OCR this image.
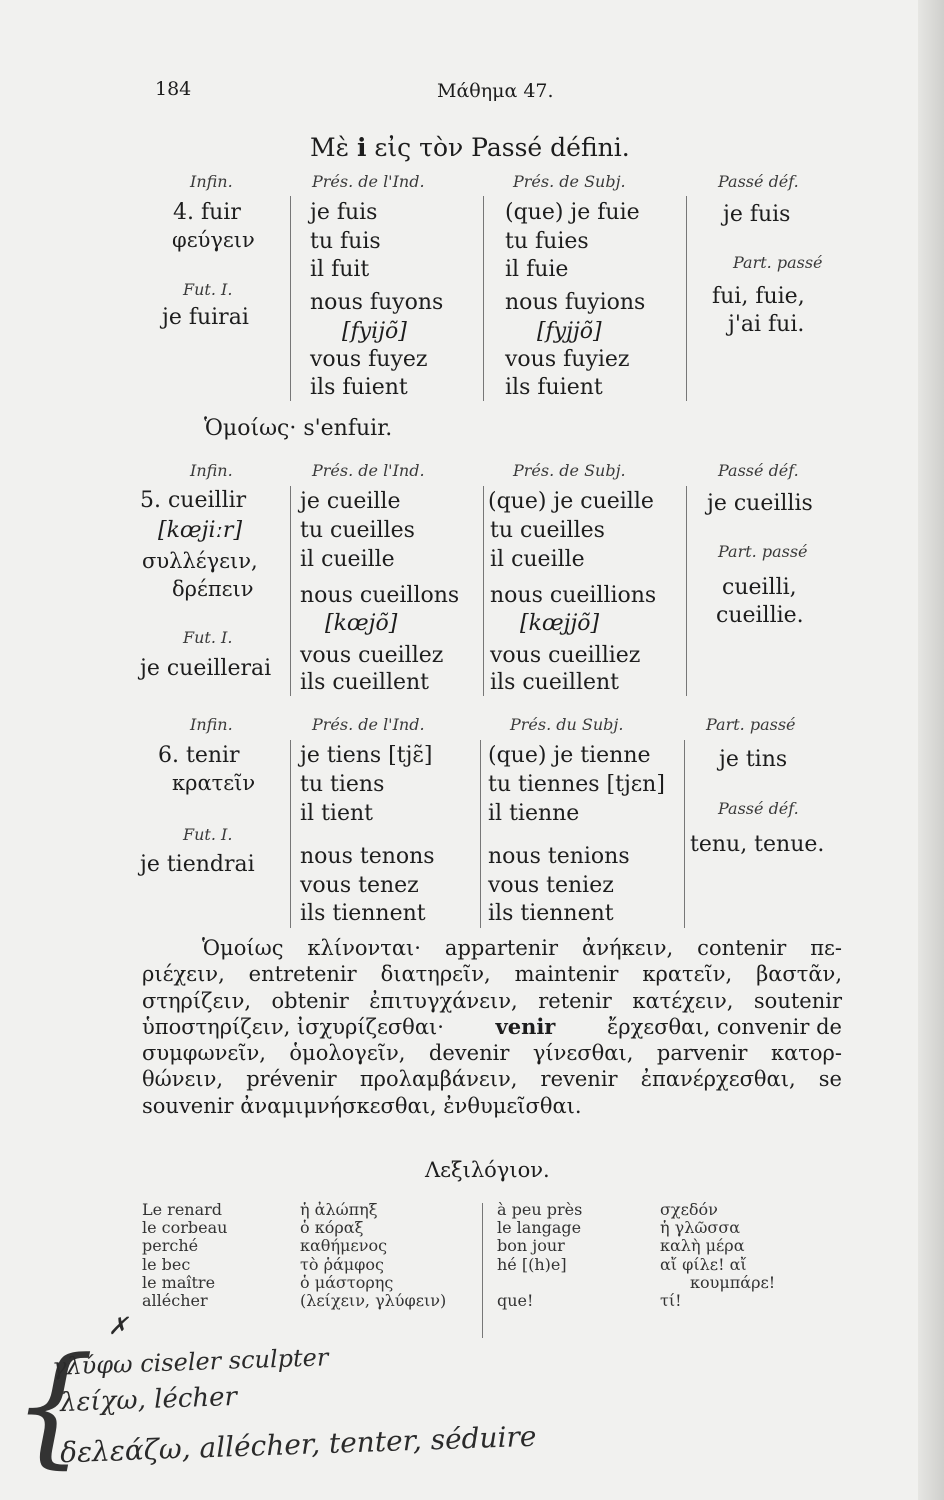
184	Μάθημα 47.
Μὲ i εἰς τὸν Passé défini.
Infin.
4. fuir
φεύγειν
Fut. I.
je fuirai
Prés. de l'Ind.
je fuis
tu fuis
il fuit
nous fuyons
[fyijõ]
vous fuyez
ils fuient
Prés. de Subj.
(que) je fuie
tu fuies
il fuie
nous fuyions
[fyjjõ]
vous fuyiez
ils fuient
Passé déf.
je fuis
Part. passé
fui, fuie,
j'ai fui.
Ὁμοίως· s'enfuir.
Infin.
5. cueillir
[kœjiːr]
συλλέγειν,
δρέπειν
Fut. I.
je cueillerai
Prés. de l'Ind.
je cueille
tu cueilles
il cueille
nous cueillons
[kœjõ]
vous cueillez
ils cueillent
Prés. de Subj.
(que) je cueille
tu cueilles
il cueille
nous cueillions
[kœjjõ]
vous cueilliez
ils cueillent
Passé déf.
je cueillis
Part. passé
cueilli,
cueillie.
Infin.
6. tenir
κρατεῖν
Fut. I.
je tiendrai
Prés. de l'Ind.
je tiens [tjɛ̃]
tu tiens
il tient
nous tenons
vous tenez
ils tiennent
Prés. du Subj.
(que) je tienne
tu tiennes [tjɛn]
il tienne
nous tenions
vous teniez
ils tiennent
Part. passé
je tins
Passé déf.
tenu, tenue.
Ὁμοίως κλίνονται· appartenir ἀνήκειν, contenir πε-
ριέχειν, entretenir διατηρεῖν, maintenir κρατεῖν, βαστᾶν,
στηρίζειν, obtenir ἐπιτυγχάνειν, retenir κατέχειν, soutenir
ὑποστηρίζειν, ἰσχυρίζεσθαι· venir ἔρχεσθαι, convenir de
συμφωνεῖν, ὁμολογεῖν, devenir γίνεσθαι, parvenir κατορ-
θώνειν, prévenir προλαμβάνειν, revenir ἐπανέρχεσθαι, se
souvenir ἀναμιμνήσκεσθαι, ἐνθυμεῖσθαι.
Λεξιλόγιον.
Le renard
le corbeau
perché
le bec
le maître
allécher
ἡ ἀλώπηξ
ὁ κόραξ
καθήμενος
τὸ ῥάμφος
ὁ μάστορης
(λείχειν, γλύφειν)
à peu près
le langage
bon jour
hé [(h)e]
que!
σχεδόν
ἡ γλῶσσα
καλὴ μέρα
αἴ φίλε! αἴ
κουμπάρε!
τί!
✗
{
γλύφω ciseler sculpter
λείχω, lécher
δελεάζω, allécher, tenter, séduire
